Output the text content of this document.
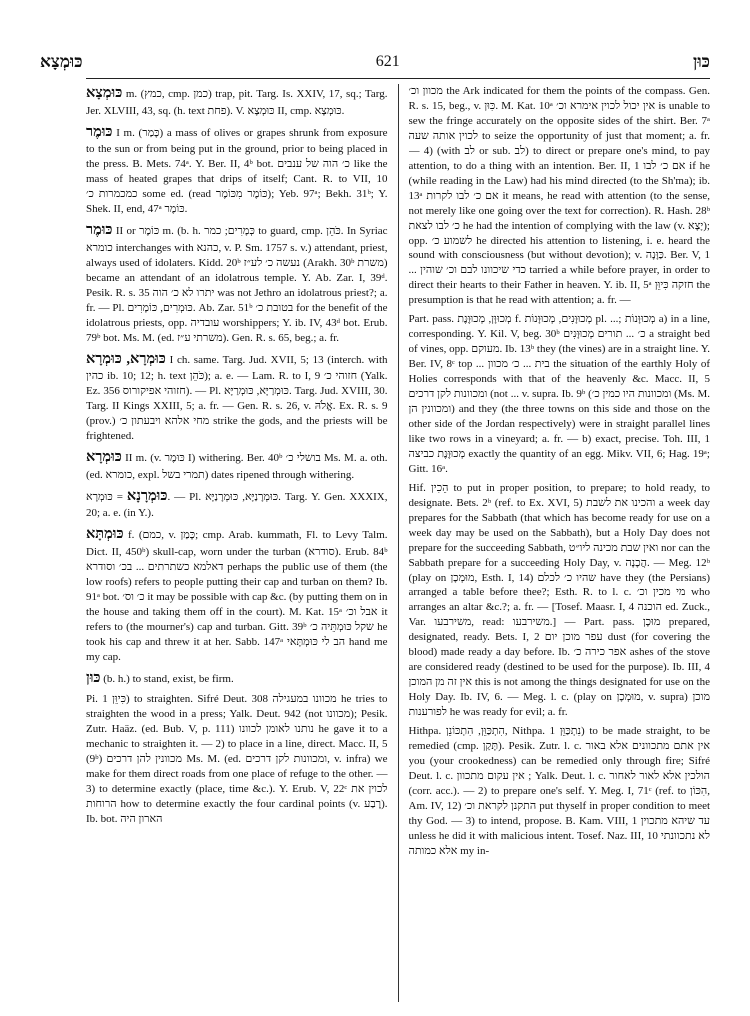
כּוּמְצָא	621	כּוּן

כּוּמְצָא m. (כמץ, cmp. כמן) trap, pit. Targ. Is. XXIV, 17, sq.; Targ. Jer. XLVIII, 43, sq. (h. text פחת). V. כּוּמְצָא II, cmp. כּוּמְצָא.

כּוּמֶר I m. (כָּמַר) a mass of olives or grapes shrunk from exposure to the sun or from being put in the ground, prior to being placed in the press. B. Mets. 74ᵃ. Y. Ber. II, 4ᵇ bot. כ׳ הוה של ענבים like the mass of heated grapes that drips of itself; Cant. R. to VII, 10 כמכמרות כ׳ some ed. (read כּוֹמֶר מִכּוֹמֶר); Yeb. 97ᵃ; Bekh. 31ᵇ; Y. Shek. II, end, 47ᵃ כּוֹמֶר.

כּוּמֶר II or כּוֹמֶר m. (b. h. כְּמָרִים; כמר to guard, cmp. כֹּהֵן. In Syriac כומרא interchanges with כהנא, v. P. Sm. 1757 s. v.) attendant, priest, always used of idolaters. Kidd. 20ᵇ נעשה כ׳ לע״ז (Arakh. 30ᵇ משרת) became an attendant of an idolatrous temple. Y. Ab. Zar. I, 39ᵈ. Pesik. R. s. 35 יתרו לא כ׳ הוה was not Jethro an idolatrous priest?; a. fr. — Pl. כּוּמְרִים, כּוֹמָרִים. Ab. Zar. 51ᵇ בטובת כ׳ for the benefit of the idolatrous priests, opp. עובדיה worshippers; Y. ib. IV, 43ᵈ bot. Erub. 79ᵇ bot. Ms. M. (ed. משרתי ע״ז). Gen. R. s. 65, beg.; a. fr.

כּוּמְרָא, כּוּמְרָא I ch. same. Targ. Jud. XVII, 5; 13 (interch. with כהין ib. 10; 12; h. text כֹּהֵן); a. e. — Lam. R. to I, 9 חזוהי כ׳ (Yalk. Ez. 356 חזוהי אפיקורוס). — Pl. כּוּמְרַיָּא, כּוּמְרַיָּא. Targ. Jud. XVIII, 30. Targ. II Kings XXIII, 5; a. fr. — Gen. R. s. 26, v. אֱלֹהּ. Ex. R. s. 9 (prov.) מחי אלהא ויבעתון כ׳ strike the gods, and the priests will be frightened.

כּוּמְרָא II m. (v. כּוּמֶר I) withering. Ber. 40ᵇ בושלי כ׳ Ms. M. a. oth. (ed. כומרא, expl. תמרי בשל) dates ripened through withering.

כּוּמְרָנָא = כּוּמְרָא. — Pl. כּוּמְרָנַיָּא, כּוּמְרָנַיָּא. Targ. Y. Gen. XXXIX, 20; a. e. (in Y.).

כּוּמְתָּא f. (כמם, v. כָּמַן; cmp. Arab. kummath, Fl. to Levy Talm. Dict. II, 450ᵇ) skull-cap, worn under the turban (סודרא). Erub. 84ᵇ דאלמא כשתרתים ... בכ׳ וסודרא perhaps the public use of them (the low roofs) refers to people putting their cap and turban on them? Ib. 91ᵃ bot. כ׳ וס׳ it may be possible with cap &c. (by putting them on in the house and taking them off in the court). M. Kat. 15ᵃ אבל וכ׳ it refers to (the mourner's) cap and turban. Gitt. 39ᵇ שקל כּוּמְתֵּיה כ׳ he took his cap and threw it at her. Sabb. 147ᵃ הב לי כּוּמְתָּאי hand me my cap.

כּוּן (b. h.) to stand, exist, be firm.

Pi. כִּיוֵּן 1) to straighten. Sifré Deut. 308 מכוונו במעגילה he tries to straighten the wood in a press; Yalk. Deut. 942 (not מכוונו); Pesik. Zutr. Haäz. (ed. Bub. V, p. 111) נותנו לאומן לכוונו he gave it to a mechanic to straighten it. — 2) to place in a line, direct. Macc. II, 5 (9ᵇ) מכוונין להן דרכים Ms. M. (ed. ומכוונות לקן דרכים, v. infra) we make for them direct roads from one place of refuge to the other. — 3) to determine exactly (place, time &c.). Y. Erub. V, 22ᶜ לכוין את הרוחות how to determine exactly the four cardinal points (v. רֶבַע). Ib. bot. הארון היה

מכוון וכ׳ the Ark indicated for them the points of the compass. Gen. R. s. 15, beg., v. כִּוּן. M. Kat. 10ᵃ אין יכול לכוין אימרא וכ׳ is unable to sew the fringe accurately on the opposite sides of the shirt. Ber. 7ᵃ לכוין אותה שעה to seize the opportunity of just that moment; a. fr. — 4) (with לב or sub. לב) to direct or prepare one's mind, to pay attention, to do a thing with an intention. Ber. II, 1 אם כ׳ לבו if he (while reading in the Law) had his mind directed (to the Sh'ma); ib. 13ᵃ אם כ׳ לבו לקרות it means, he read with attention (to the sense, not merely like one going over the text for correction). R. Hash. 28ᵇ כ׳ לבו לצאת he had the intention of complying with the law (v. יָצָא); opp. לשמוע כ׳ he directed his attention to listening, i. e. heard the sound with consciousness (but without devotion); v. כַּוָּנָה. Ber. V, 1 ... כדי שיכוונו לבם וכ׳ שוהין tarried a while before prayer, in order to direct their hearts to their Father in heaven. Y. ib. II, 5ᵃ חזקה כִּיוֵּן the presumption is that he read with attention; a. fr. —

Part. pass. מְכוּוָּן, מְכוּוֶּנֶת f. מְכוּוָּנִים, מְכוּוָּנוֹת pl. ...; מְכוּוָּנוֹת a) in a line, corresponding. Y. Kil. V, beg. 30ᵇ כ׳ ... תורים מְכוּוָּנִים a straight bed of vines, opp. מעוקם. Ib. 13ᵇ they (the vines) are in a straight line. Y. Ber. IV, 8ᶜ top ... בית ... כ׳ מכוון the situation of the earthly Holy of Holies corresponds with that of the heavenly &c. Macc. II, 5 ומכוונות לקן דרכים (not ... v. supra. Ib. 9ᵇ (ומכוונות היו כמין כ׳ (Ms. M. ומכוונין הן) and they (the three towns on this side and those on the other side of the Jordan respectively) were in straight parallel lines like two rows in a vineyard; a. fr. — b) exact, precise. Toh. III, 1 מְכוּוֶּנֶת כביצה exactly the quantity of an egg. Mikv. VII, 6; Hag. 19ᵃ; Gitt. 16ᵃ.

Hif. הֵכִין to put in proper position, to prepare; to hold ready, to designate. Bets. 2ᵇ (ref. to Ex. XVI, 5) והכינו את לשבת a week day prepares for the Sabbath (that which has become ready for use on a week day may be used on the Sabbath), but a Holy Day does not prepare for the succeeding Sabbath, ואין שבת מכינה ליו״ט nor can the Sabbath prepare for a succeeding Holy Day, v. הֲכָנָה. — Meg. 12ᵇ (play on מוּמְכָן, Esth. I, 14) שהיו כ׳ לכלם have they (the Persians) arranged a table before thee?; Esth. R. to l. c. מי מכין וכ׳ who arranges an altar &c.?; a. fr. — [Tosef. Maasr. I, 4 הוכנה ed. Zuck., Var. משירבעו, read: משירבעו.] — Part. pass. מוּכָן prepared, designated, ready. Bets. I, 2 עפר מוכן יום dust (for covering the blood) made ready a day before. Ib. אפר כירה כ׳ ashes of the stove are considered ready (destined to be used for the purpose). Ib. III, 4 אין זה מן המוכן this is not among the things designated for use on the Holy Day. Ib. IV, 6. — Meg. l. c. (play on מוּמְכָן, v. supra) מוכן לפורענות he was ready for evil; a. fr.

Hithpa. הִתְכַּוֵּן, הִתְכּוֹנֵן, Nithpa. נִתְכַּוֵּן 1) to be made straight, to be remedied (cmp. תָּקַן). Pesik. Zutr. l. c. אין אתם מתכוונים אלא באור you (your crookedness) can be remedied only through fire; Sifré Deut. l. c. אין עקום מתכוון ; Yalk. Deut. l. c. הולכין אלא לאור לאחור (corr. acc.). — 2) to prepare one's self. Y. Meg. I, 71ᶜ (ref. to הִכּוֹן, Am. IV, 12) התקנן לקראת וכ׳ put thyself in proper condition to meet thy God. — 3) to intend, propose. B. Kam. VIII, 1 עד שיהא מתכוין unless he did it with malicious intent. Tosef. Naz. III, 10 לא נתכוונתי אלא כמותה my in-
